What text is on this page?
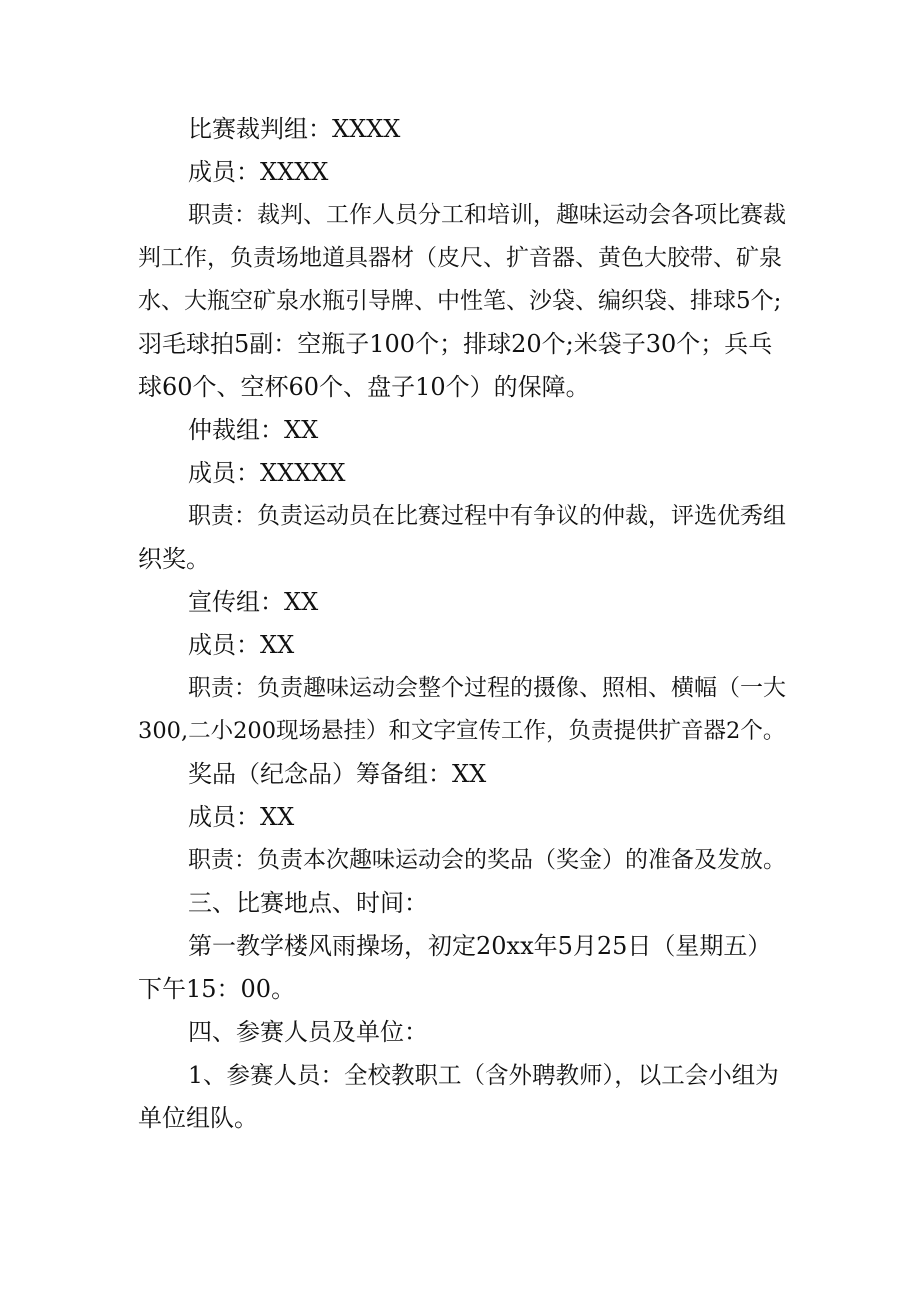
比赛裁判组：XXXX
成员：XXXX
职责：裁判、工作人员分工和培训，趣味运动会各项比赛裁
判工作，负责场地道具器材（皮尺、扩音器、黄色大胶带、矿泉
水、大瓶空矿泉水瓶引导牌、中性笔、沙袋、编织袋、排球5个;
羽毛球拍5副：空瓶子100个；排球20个;米袋子30个；兵乓
球60个、空杯60个、盘子10个）的保障。
仲裁组：XX
成员：XXXXX
职责：负责运动员在比赛过程中有争议的仲裁，评选优秀组
织奖。
宣传组：XX
成员：XX
职责：负责趣味运动会整个过程的摄像、照相、横幅（一大
300,二小200现场悬挂）和文字宣传工作，负责提供扩音器2个。
奖品（纪念品）筹备组：XX
成员：XX
职责：负责本次趣味运动会的奖品（奖金）的准备及发放。
三、比赛地点、时间：
第一教学楼风雨操场，初定20xx年5月25日（星期五）
下午15：00。
四、参赛人员及单位：
1、参赛人员：全校教职工（含外聘教师），以工会小组为
单位组队。
